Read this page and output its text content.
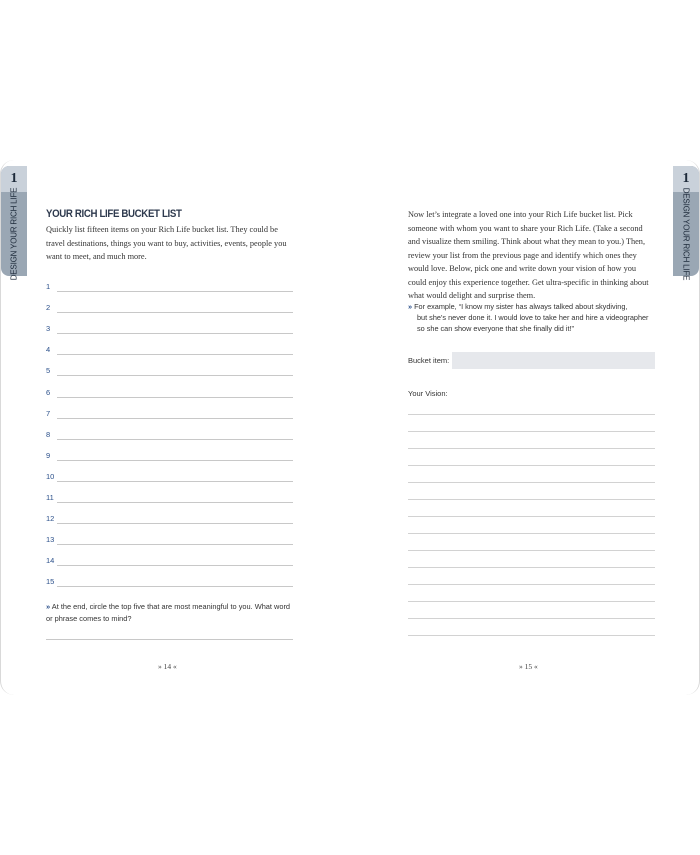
1
DESIGN YOUR RICH LIFE	YOUR RICH LIFE BUCKET LIST

Quickly list fifteen items on your Rich Life bucket list. They could be travel destinations, things you want to buy, activities, events, people you want to meet, and much more.

1
2
3
4
5
6
7
8
9
10
11
12
13
14
15

» At the end, circle the top five that are most meaningful to you. What word or phrase comes to mind?

» 14 «
1
DESIGN YOUR RICH LIFE

Now let’s integrate a loved one into your Rich Life bucket list. Pick someone with whom you want to share your Rich Life. (Take a second and visualize them smiling. Think about what they mean to you.) Then, review your list from the previous page and identify which ones they would love. Below, pick one and write down your vision of how you could enjoy this experience together. Get ultra-specific in thinking about what would delight and surprise them.

» For example, “I know my sister has always talked about skydiving,
but she’s never done it. I would love to take her and hire a videographer
so she can show everyone that she finally did it!”
Bucket item:
Your Vision:
» 15 «
